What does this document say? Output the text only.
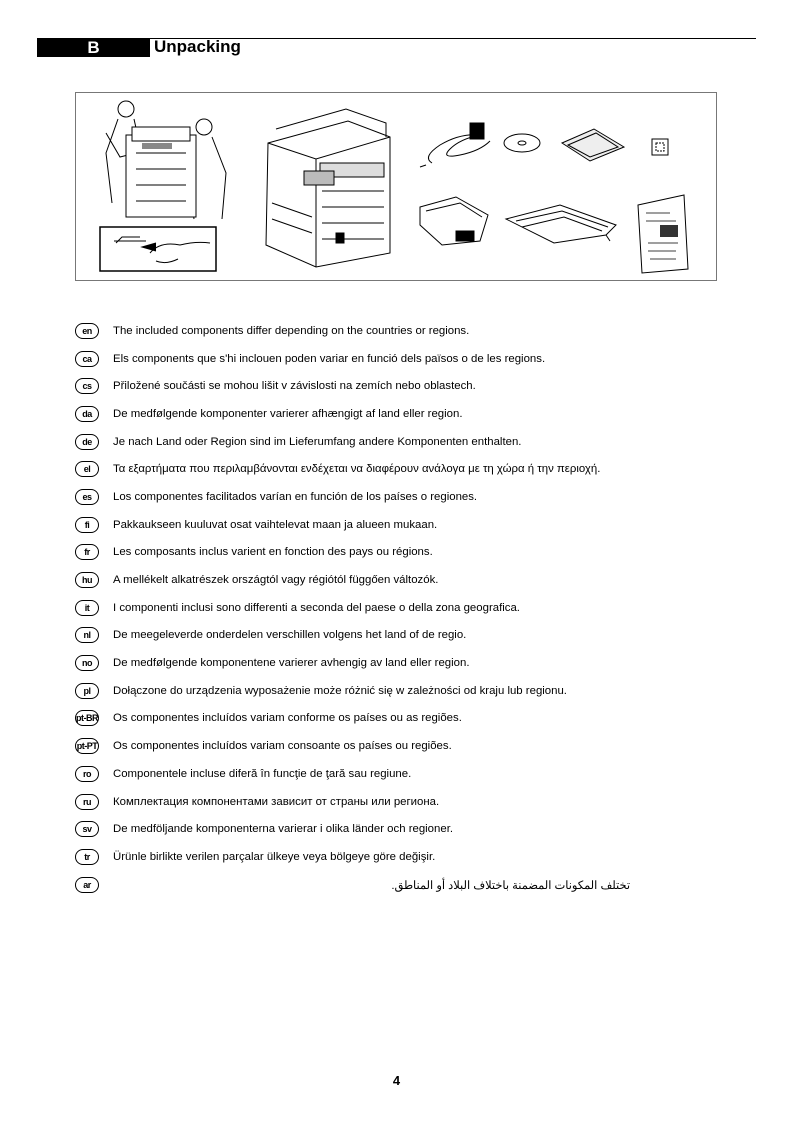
B	Unpacking
en	The included components differ depending on the countries or regions.
ca	Els components que s'hi inclouen poden variar en funció dels països o de les regions.
cs	Přiložené součásti se mohou lišit v závislosti na zemích nebo oblastech.
da	De medfølgende komponenter varierer afhængigt af land eller region.
de	Je nach Land oder Region sind im Lieferumfang andere Komponenten enthalten.
el	Τα εξαρτήματα που περιλαμβάνονται ενδέχεται να διαφέρουν ανάλογα με τη χώρα ή την περιοχή.
es	Los componentes facilitados varían en función de los países o regiones.
fi	Pakkaukseen kuuluvat osat vaihtelevat maan ja alueen mukaan.
fr	Les composants inclus varient en fonction des pays ou régions.
hu	A mellékelt alkatrészek országtól vagy régiótól függően változók.
it	I componenti inclusi sono differenti a seconda del paese o della zona geografica.
nl	De meegeleverde onderdelen verschillen volgens het land of de regio.
no	De medfølgende komponentene varierer avhengig av land eller region.
pl	Dołączone do urządzenia wyposażenie może różnić się w zależności od kraju lub regionu.
pt-BR Os componentes incluídos variam conforme os países ou as regiões.
pt-PT Os componentes incluídos variam consoante os países ou regiões.
ro	Componentele incluse diferă în funcţie de ţară sau regiune.
ru	Комплектация компонентами зависит от страны или региона.
sv	De medföljande komponenterna varierar i olika länder och regioner.
tr	Ürünle birlikte verilen parçalar ülkeye veya bölgeye göre değişir.
ar	تختلف المكونات المضمنة باختلاف البلاد أو المناطق.
4
